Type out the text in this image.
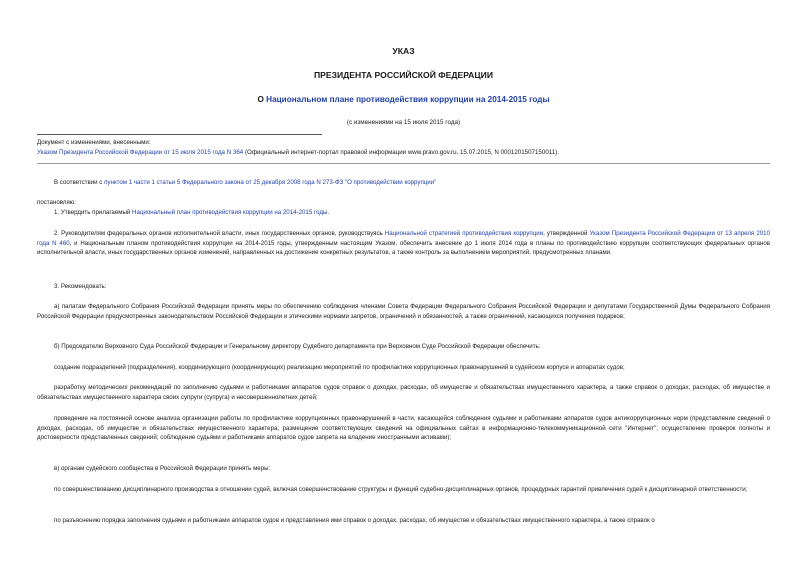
УКАЗ
ПРЕЗИДЕНТА РОССИЙСКОЙ ФЕДЕРАЦИИ
О Национальном плане противодействия коррупции на 2014-2015 годы
(с изменениями на 15 июля 2015 года)
Документ с изменениями, внесенными:
Указом Президента Российской Федерации от 15 июля 2015 года N 364 (Официальный интернет-портал правовой информации www.pravo.gov.ru, 15.07.2015, N 0001201507150011).
В соответствии с пунктом 1 части 1 статьи 5 Федерального закона от 25 декабря 2008 года N 273-ФЗ "О противодействии коррупции"
постановляю:
1. Утвердить прилагаемый Национальный план противодействия коррупции на 2014-2015 годы.
2. Руководителям федеральных органов исполнительной власти, иных государственных органов, руководствуясь Национальной стратегией противодействия коррупции, утвержденной Указом Президента Российской Федерации от 13 апреля 2010 года N 460, и Национальным планом противодействия коррупции на 2014-2015 годы, утвержденным настоящим Указом, обеспечить внесение до 1 июля 2014 года в планы по противодействию коррупции соответствующих федеральных органов исполнительной власти, иных государственных органов изменений, направленных на достижение конкретных результатов, а также контроль за выполнением мероприятий, предусмотренных планами.
3. Рекомендовать:
а) палатам Федерального Собрания Российской Федерации принять меры по обеспечению соблюдения членами Совета Федерации Федерального Собрания Российской Федерации и депутатами Государственной Думы Федерального Собрания Российской Федерации предусмотренных законодательством Российской Федерации и этическими нормами запретов, ограничений и обязанностей, а также ограничений, касающихся получения подарков;
б) Председателю Верховного Суда Российской Федерации и Генеральному директору Судебного департамента при Верховном Суде Российской Федерации обеспечить:
создание подразделений (подразделения), координирующего (координирующих) реализацию мероприятий по профилактике коррупционных правонарушений в судейском корпусе и аппаратах судов;
разработку методических рекомендаций по заполнению судьями и работниками аппаратов судов справок о доходах, расходах, об имуществе и обязательствах имущественного характера, а также справок о доходах, расходах, об имуществе и обязательствах имущественного характера своих супруги (супруга) и несовершеннолетних детей;
проведение на постоянной основе анализа организации работы по профилактике коррупционных правонарушений в части, касающейся соблюдения судьями и работниками аппаратов судов антикоррупционных норм (представление сведений о доходах, расходах, об имуществе и обязательствах имущественного характера; размещение соответствующих сведений на официальных сайтах в информационно-телекоммуникационной сети "Интернет"; осуществление проверок полноты и достоверности представленных сведений; соблюдение судьями и работниками аппаратов судов запрета на владение иностранными активами);
в) органам судейского сообщества в Российской Федерации принять меры:
по совершенствованию дисциплинарного производства в отношении судей, включая совершенствование структуры и функций судебно-дисциплинарных органов, процедурных гарантий привлечения судей к дисциплинарной ответственности;
по разъяснению порядка заполнения судьями и работниками аппаратов судов и представления ими справок о доходах, расходах, об имуществе и обязательствах имущественного характера, а также справок о
